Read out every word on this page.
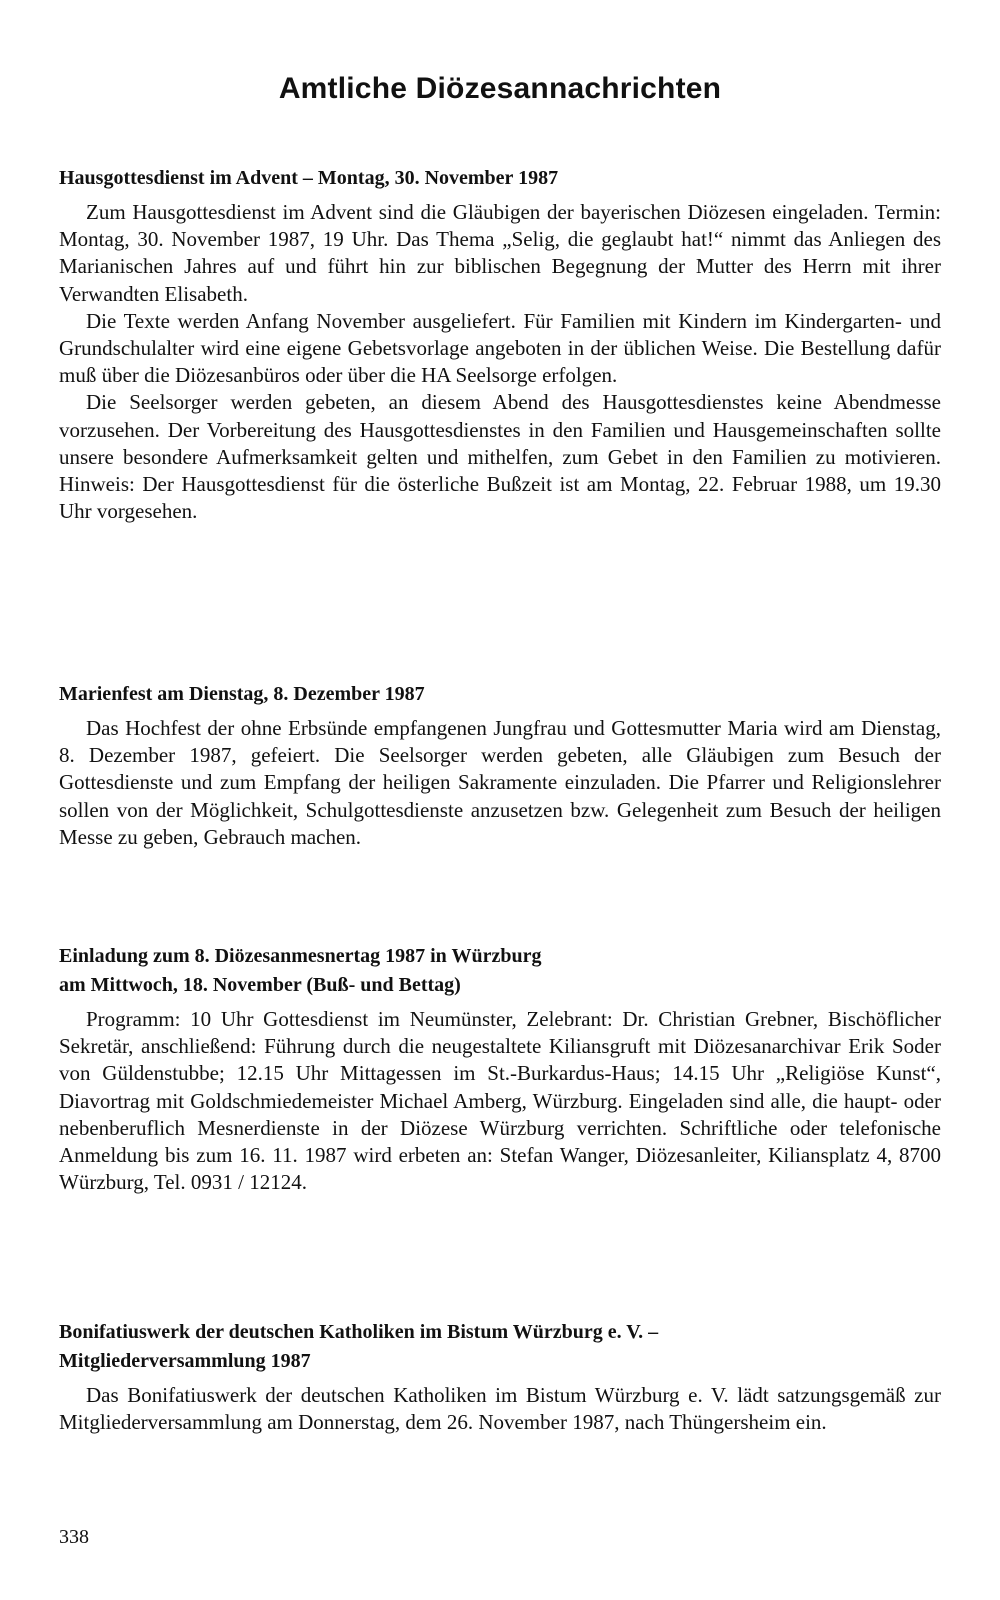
Amtliche Diözesannachrichten
Hausgottesdienst im Advent – Montag, 30. November 1987

Zum Hausgottesdienst im Advent sind die Gläubigen der bayerischen Diözesen eingeladen. Termin: Montag, 30. November 1987, 19 Uhr. Das Thema „Selig, die geglaubt hat!“ nimmt das Anliegen des Marianischen Jahres auf und führt hin zur biblischen Begegnung der Mutter des Herrn mit ihrer Verwandten Elisabeth.

Die Texte werden Anfang November ausgeliefert. Für Familien mit Kindern im Kindergarten- und Grundschulalter wird eine eigene Gebetsvorlage angeboten in der üblichen Weise. Die Bestellung dafür muß über die Diözesanbüros oder über die HA Seelsorge erfolgen.

Die Seelsorger werden gebeten, an diesem Abend des Hausgottesdienstes keine Abendmesse vorzusehen. Der Vorbereitung des Hausgottesdienstes in den Familien und Hausgemeinschaften sollte unsere besondere Aufmerksamkeit gelten und mithelfen, zum Gebet in den Familien zu motivieren. Hinweis: Der Hausgottesdienst für die österliche Bußzeit ist am Montag, 22. Februar 1988, um 19.30 Uhr vorgesehen.

Marienfest am Dienstag, 8. Dezember 1987

Das Hochfest der ohne Erbsünde empfangenen Jungfrau und Gottesmutter Maria wird am Dienstag, 8. Dezember 1987, gefeiert. Die Seelsorger werden gebeten, alle Gläubigen zum Besuch der Gottesdienste und zum Empfang der heiligen Sakramente einzuladen. Die Pfarrer und Religionslehrer sollen von der Möglichkeit, Schulgottesdienste anzusetzen bzw. Gelegenheit zum Besuch der heiligen Messe zu geben, Gebrauch machen.

Einladung zum 8. Diözesanmesnertag 1987 in Würzburg
am Mittwoch, 18. November (Buß- und Bettag)

Programm: 10 Uhr Gottesdienst im Neumünster, Zelebrant: Dr. Christian Grebner, Bischöflicher Sekretär, anschließend: Führung durch die neugestaltete Kiliansgruft mit Diözesanarchivar Erik Soder von Güldenstubbe; 12.15 Uhr Mittagessen im St.-Burkardus-Haus; 14.15 Uhr „Religiöse Kunst“, Diavortrag mit Goldschmiedemeister Michael Amberg, Würzburg. Eingeladen sind alle, die haupt- oder nebenberuflich Mesnerdienste in der Diözese Würzburg verrichten. Schriftliche oder telefonische Anmeldung bis zum 16. 11. 1987 wird erbeten an: Stefan Wanger, Diözesanleiter, Kiliansplatz 4, 8700 Würzburg, Tel. 0931 / 12124.

Bonifatiuswerk der deutschen Katholiken im Bistum Würzburg e. V. –
Mitgliederversammlung 1987

Das Bonifatiuswerk der deutschen Katholiken im Bistum Würzburg e. V. lädt satzungsgemäß zur Mitgliederversammlung am Donnerstag, dem 26. November 1987, nach Thüngersheim ein.

338
